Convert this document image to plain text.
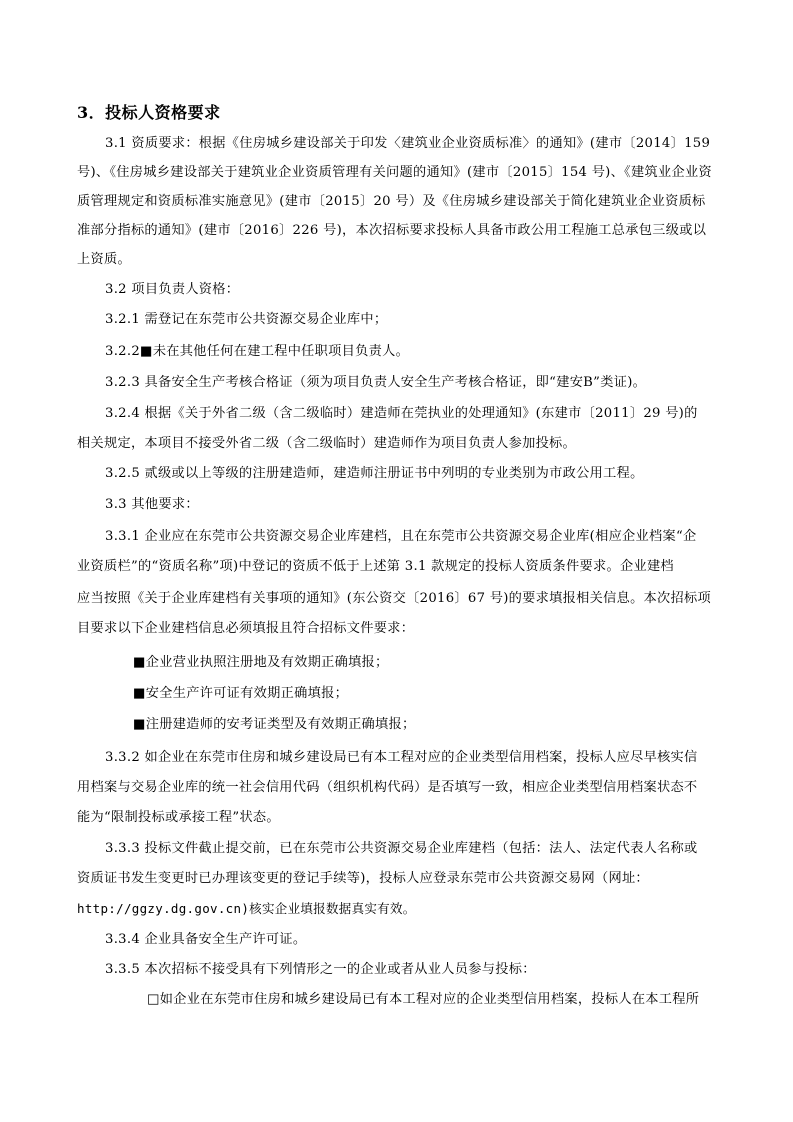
3．投标人资格要求
3.1 资质要求：根据《住房城乡建设部关于印发〈建筑业企业资质标准〉的通知》(建市〔2014〕159
号)、《住房城乡建设部关于建筑业企业资质管理有关问题的通知》(建市〔2015〕154 号)、《建筑业企业资
质管理规定和资质标准实施意见》(建市〔2015〕20 号）及《住房城乡建设部关于简化建筑业企业资质标
准部分指标的通知》(建市〔2016〕226 号)，本次招标要求投标人具备市政公用工程施工总承包三级或以
上资质。
3.2 项目负责人资格：
3.2.1 需登记在东莞市公共资源交易企业库中；
3.2.2■未在其他任何在建工程中任职项目负责人。
3.2.3 具备安全生产考核合格证（须为项目负责人安全生产考核合格证，即“建安B”类证)。
3.2.4 根据《关于外省二级（含二级临时）建造师在莞执业的处理通知》(东建市〔2011〕29 号)的
相关规定，本项目不接受外省二级（含二级临时）建造师作为项目负责人参加投标。
3.2.5 贰级或以上等级的注册建造师，建造师注册证书中列明的专业类别为市政公用工程。
3.3 其他要求：
3.3.1 企业应在东莞市公共资源交易企业库建档，且在东莞市公共资源交易企业库(相应企业档案“企
业资质栏”的“资质名称”项)中登记的资质不低于上述第 3.1 款规定的投标人资质条件要求。企业建档
应当按照《关于企业库建档有关事项的通知》(东公资交〔2016〕67 号)的要求填报相关信息。本次招标项
目要求以下企业建档信息必须填报且符合招标文件要求：
■企业营业执照注册地及有效期正确填报；
■安全生产许可证有效期正确填报；
■注册建造师的安考证类型及有效期正确填报；
3.3.2 如企业在东莞市住房和城乡建设局已有本工程对应的企业类型信用档案，投标人应尽早核实信
用档案与交易企业库的统一社会信用代码（组织机构代码）是否填写一致，相应企业类型信用档案状态不
能为“限制投标或承接工程”状态。
3.3.3 投标文件截止提交前，已在东莞市公共资源交易企业库建档（包括：法人、法定代表人名称或
资质证书发生变更时已办理该变更的登记手续等)，投标人应登录东莞市公共资源交易网（网址：
http://ggzy.dg.gov.cn)核实企业填报数据真实有效。
3.3.4 企业具备安全生产许可证。
3.3.5 本次招标不接受具有下列情形之一的企业或者从业人员参与投标：
□如企业在东莞市住房和城乡建设局已有本工程对应的企业类型信用档案，投标人在本工程所
